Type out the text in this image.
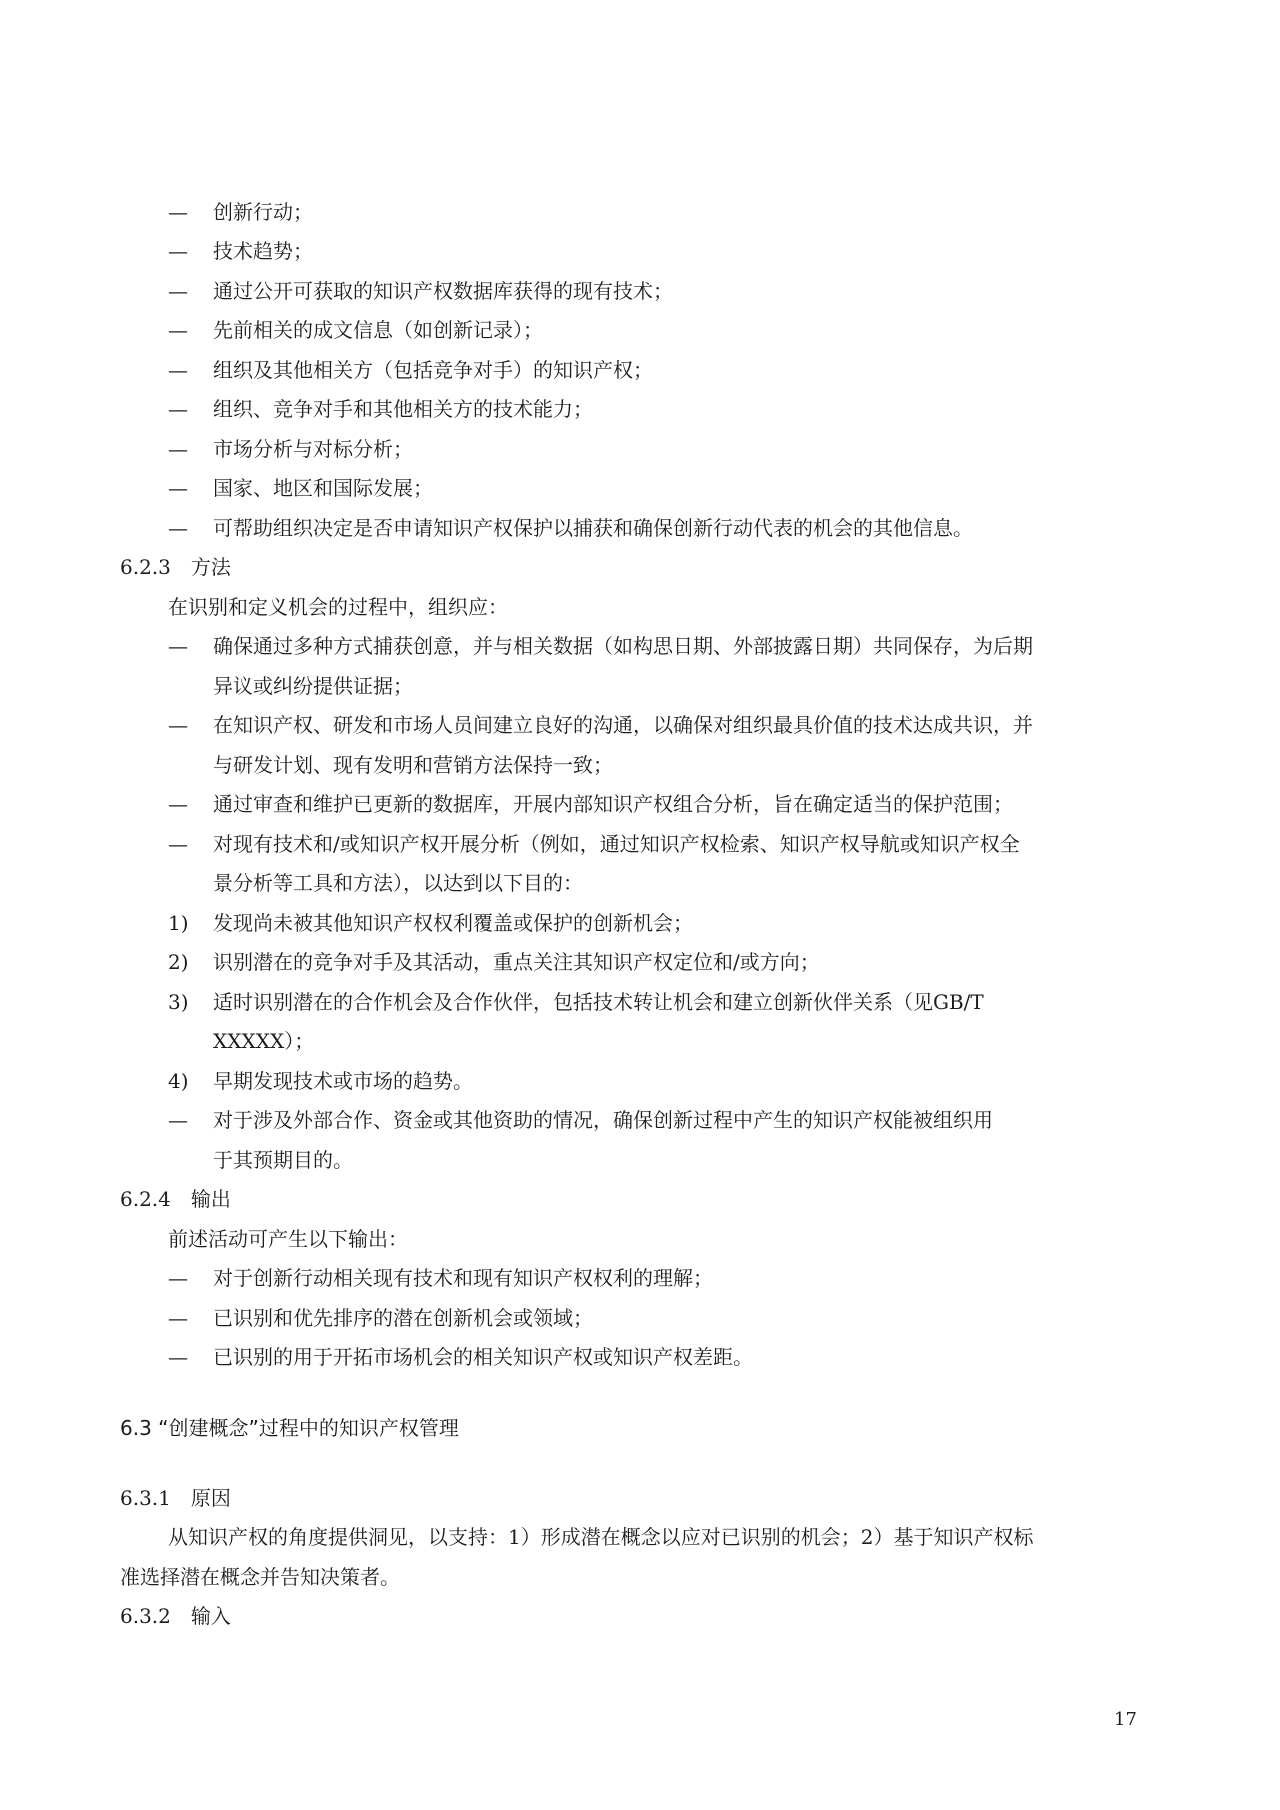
— 创新行动；
— 技术趋势；
— 通过公开可获取的知识产权数据库获得的现有技术；
— 先前相关的成文信息（如创新记录）；
— 组织及其他相关方（包括竞争对手）的知识产权；
— 组织、竞争对手和其他相关方的技术能力；
— 市场分析与对标分析；
— 国家、地区和国际发展；
— 可帮助组织决定是否申请知识产权保护以捕获和确保创新行动代表的机会的其他信息。
6.2.3　方法
在识别和定义机会的过程中，组织应：
— 确保通过多种方式捕获创意，并与相关数据（如构思日期、外部披露日期）共同保存，为后期
异议或纠纷提供证据；
— 在知识产权、研发和市场人员间建立良好的沟通，以确保对组织最具价值的技术达成共识，并
与研发计划、现有发明和营销方法保持一致；
— 通过审查和维护已更新的数据库，开展内部知识产权组合分析，旨在确定适当的保护范围；
— 对现有技术和/或知识产权开展分析（例如，通过知识产权检索、知识产权导航或知识产权全
景分析等工具和方法），以达到以下目的：
1) 发现尚未被其他知识产权权利覆盖或保护的创新机会；
2) 识别潜在的竞争对手及其活动，重点关注其知识产权定位和/或方向；
3) 适时识别潜在的合作机会及合作伙伴，包括技术转让机会和建立创新伙伴关系（见GB/T
XXXXX）；
4) 早期发现技术或市场的趋势。
— 对于涉及外部合作、资金或其他资助的情况，确保创新过程中产生的知识产权能被组织用
于其预期目的。
6.2.4　输出
前述活动可产生以下输出：
— 对于创新行动相关现有技术和现有知识产权权利的理解；
— 已识别和优先排序的潜在创新机会或领域；
— 已识别的用于开拓市场机会的相关知识产权或知识产权差距。
6.3 “创建概念”过程中的知识产权管理
6.3.1　原因
从知识产权的角度提供洞见，以支持：1）形成潜在概念以应对已识别的机会；2）基于知识产权标
准选择潜在概念并告知决策者。
6.3.2　输入
17
